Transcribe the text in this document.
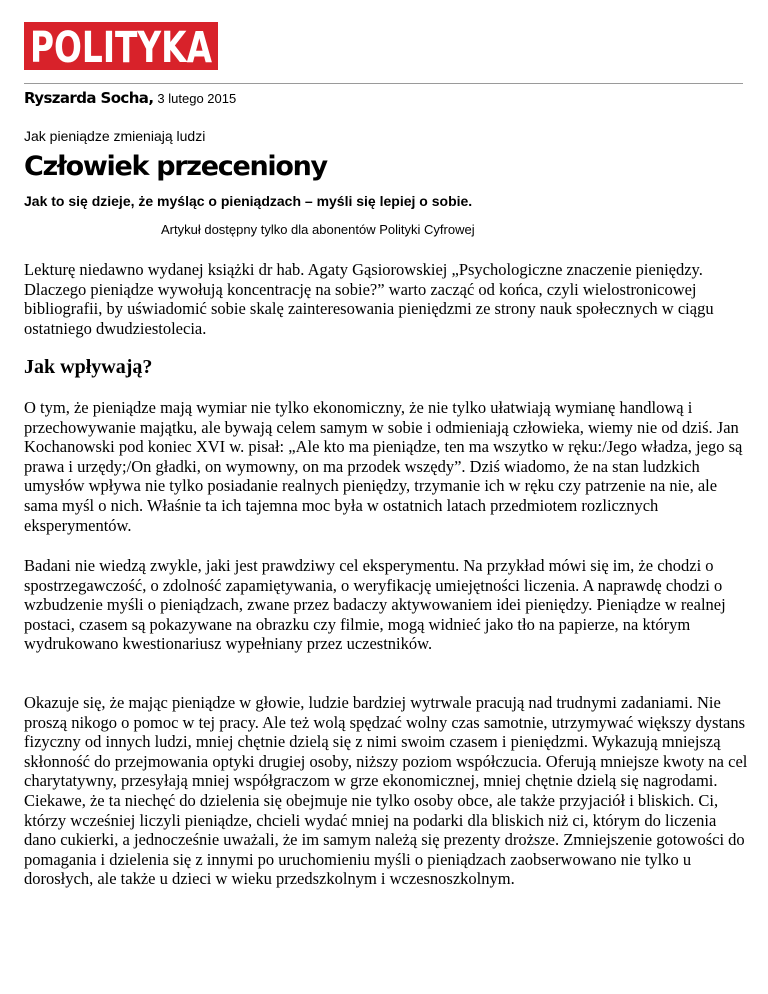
POLITYKA
Ryszarda Socha, 3 lutego 2015
Jak pieniądze zmieniają ludzi
Człowiek przeceniony
Jak to się dzieje, że myśląc o pieniądzach – myśli się lepiej o sobie.
Artykuł dostępny tylko dla abonentów Polityki Cyfrowej

Lekturę niedawno wydanej książki dr hab. Agaty Gąsiorowskiej „Psychologiczne znaczenie pieniędzy. Dlaczego pieniądze wywołują koncentrację na sobie?” warto zacząć od końca, czyli wielostronicowej bibliografii, by uświadomić sobie skalę zainteresowania pieniędzmi ze strony nauk społecznych w ciągu ostatniego dwudziestolecia.

Jak wpływają?

O tym, że pieniądze mają wymiar nie tylko ekonomiczny, że nie tylko ułatwiają wymianę handlową i przechowywanie majątku, ale bywają celem samym w sobie i odmieniają człowieka, wiemy nie od dziś. Jan Kochanowski pod koniec XVI w. pisał: „Ale kto ma pieniądze, ten ma wszytko w ręku:/Jego władza, jego są prawa i urzędy;/On gładki, on wymowny, on ma przodek wszędy”. Dziś wiadomo, że na stan ludzkich umysłów wpływa nie tylko posiadanie realnych pieniędzy, trzymanie ich w ręku czy patrzenie na nie, ale sama myśl o nich. Właśnie ta ich tajemna moc była w ostatnich latach przedmiotem rozlicznych eksperymentów.

Badani nie wiedzą zwykle, jaki jest prawdziwy cel eksperymentu. Na przykład mówi się im, że chodzi o spostrzegawczość, o zdolność zapamiętywania, o weryfikację umiejętności liczenia. A naprawdę chodzi o wzbudzenie myśli o pieniądzach, zwane przez badaczy aktywowaniem idei pieniędzy. Pieniądze w realnej postaci, czasem są pokazywane na obrazku czy filmie, mogą widnieć jako tło na papierze, na którym wydrukowano kwestionariusz wypełniany przez uczestników.

Okazuje się, że mając pieniądze w głowie, ludzie bardziej wytrwale pracują nad trudnymi zadaniami. Nie proszą nikogo o pomoc w tej pracy. Ale też wolą spędzać wolny czas samotnie, utrzymywać większy dystans fizyczny od innych ludzi, mniej chętnie dzielą się z nimi swoim czasem i pieniędzmi. Wykazują mniejszą skłonność do przejmowania optyki drugiej osoby, niższy poziom współczucia. Oferują mniejsze kwoty na cel charytatywny, przesyłają mniej współgraczom w grze ekonomicznej, mniej chętnie dzielą się nagrodami. Ciekawe, że ta niechęć do dzielenia się obejmuje nie tylko osoby obce, ale także przyjaciół i bliskich. Ci, którzy wcześniej liczyli pieniądze, chcieli wydać mniej na podarki dla bliskich niż ci, którym do liczenia dano cukierki, a jednocześnie uważali, że im samym należą się prezenty droższe. Zmniejszenie gotowości do pomagania i dzielenia się z innymi po uruchomieniu myśli o pieniądzach zaobserwowano nie tylko u dorosłych, ale także u dzieci w wieku przedszkolnym i wczesnoszkolnym.
